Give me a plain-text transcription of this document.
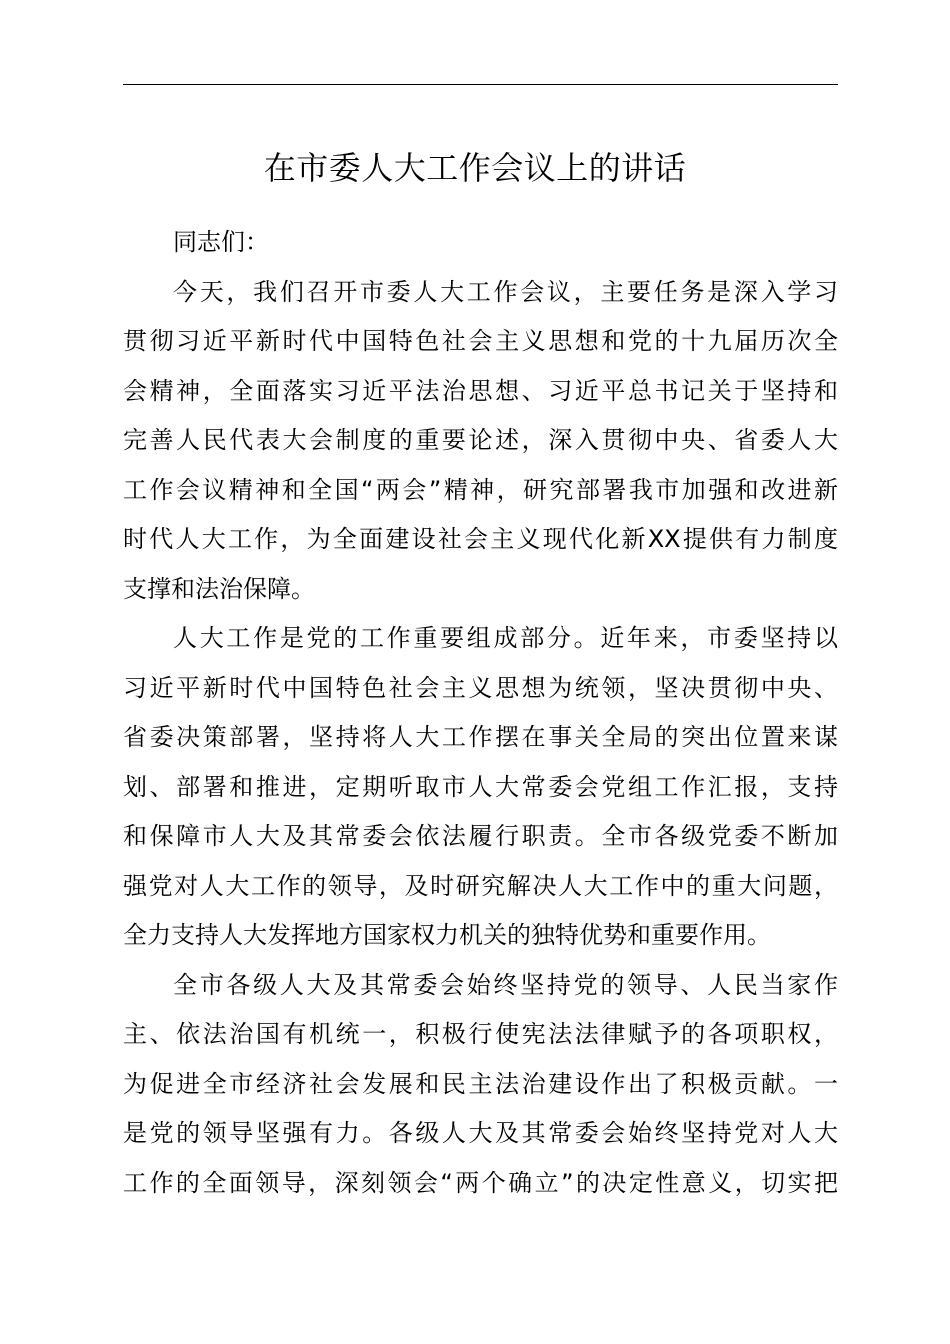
在市委人大工作会议上的讲话
同志们：
今天，我们召开市委人大工作会议，主要任务是深入学习
贯彻习近平新时代中国特色社会主义思想和党的十九届历次全
会精神，全面落实习近平法治思想、习近平总书记关于坚持和
完善人民代表大会制度的重要论述，深入贯彻中央、省委人大
工作会议精神和全国“两会”精神，研究部署我市加强和改进新
时代人大工作，为全面建设社会主义现代化新XX提供有力制度
支撑和法治保障。
人大工作是党的工作重要组成部分。近年来，市委坚持以
习近平新时代中国特色社会主义思想为统领，坚决贯彻中央、
省委决策部署，坚持将人大工作摆在事关全局的突出位置来谋
划、部署和推进，定期听取市人大常委会党组工作汇报，支持
和保障市人大及其常委会依法履行职责。全市各级党委不断加
强党对人大工作的领导，及时研究解决人大工作中的重大问题，
全力支持人大发挥地方国家权力机关的独特优势和重要作用。
全市各级人大及其常委会始终坚持党的领导、人民当家作
主、依法治国有机统一，积极行使宪法法律赋予的各项职权，
为促进全市经济社会发展和民主法治建设作出了积极贡献。一
是党的领导坚强有力。各级人大及其常委会始终坚持党对人大
工作的全面领导，深刻领会“两个确立”的决定性意义，切实把
